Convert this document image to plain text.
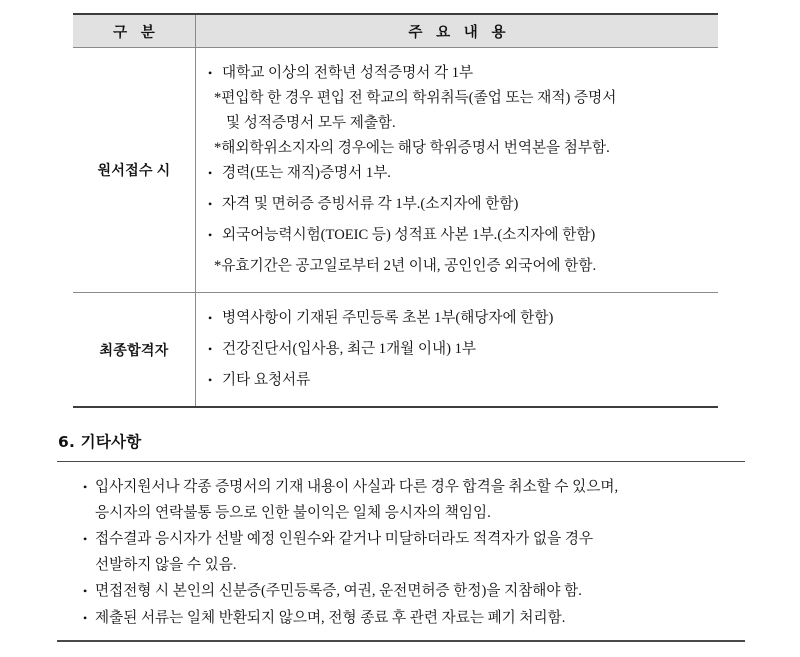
구 분	주 요 내 용
원서접수 시	
• 대학교 이상의 전학년 성적증명서 각 1부
*편입학 한 경우 편입 전 학교의 학위취득(졸업 또는 재적) 증명서
및 성적증명서 모두 제출함.
*해외학위소지자의 경우에는 해당 학위증명서 번역본을 첨부함.
• 경력(또는 재직)증명서 1부.
• 자격 및 면허증 증빙서류 각 1부.(소지자에 한함)
• 외국어능력시험(TOEIC 등) 성적표 사본 1부.(소지자에 한함)
*유효기간은 공고일로부터 2년 이내, 공인인증 외국어에 한함.

최종합격자	• 병역사항이 기재된 주민등록 초본 1부(해당자에 한함)
• 건강진단서(입사용, 최근 1개월 이내) 1부
• 기타 요청서류
6. 기타사항
• 입사지원서나 각종 증명서의 기재 내용이 사실과 다른 경우 합격을 취소할 수 있으며,
응시자의 연락불통 등으로 인한 불이익은 일체 응시자의 책임임.
• 접수결과 응시자가 선발 예정 인원수와 같거나 미달하더라도 적격자가 없을 경우
선발하지 않을 수 있음.
• 면접전형 시 본인의 신분증(주민등록증, 여권, 운전면허증 한정)을 지참해야 함.
• 제출된 서류는 일체 반환되지 않으며, 전형 종료 후 관련 자료는 폐기 처리함.
